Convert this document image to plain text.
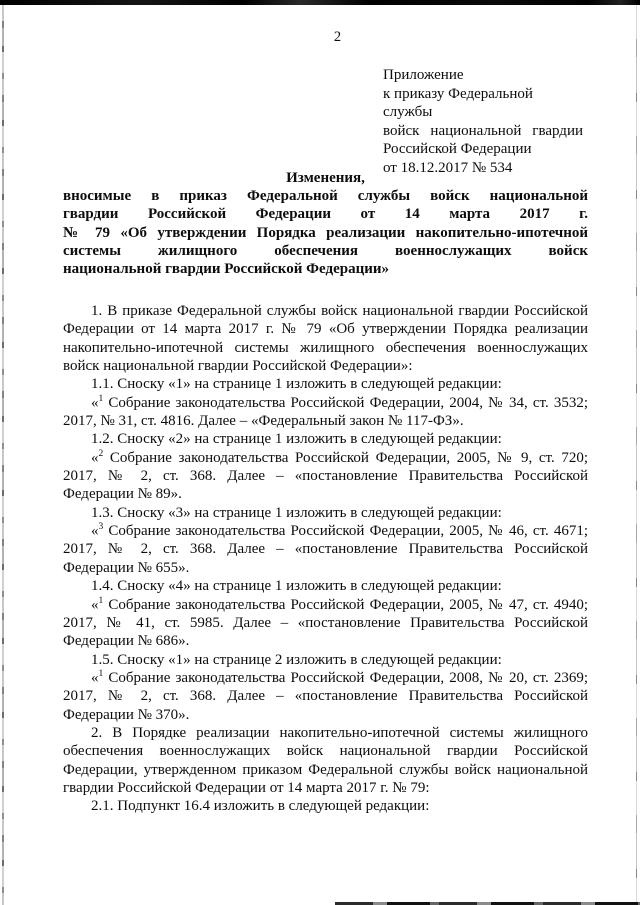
2
Приложение
к приказу Федеральной службы
войск национальной гвардии
Российской Федерации
от 18.12.2017 № 534
Изменения,
вносимые в приказ Федеральной службы войск национальной
гвардии Российской Федерации от 14 марта 2017 г.
№ 79 «Об утверждении Порядка реализации накопительно-ипотечной
системы жилищного обеспечения военнослужащих войск
национальной гвардии Российской Федерации»

1. В приказе Федеральной службы войск национальной гвардии Российской Федерации от 14 марта 2017 г. № 79 «Об утверждении Порядка реализации накопительно-ипотечной системы жилищного обеспечения военнослужащих войск национальной гвардии Российской Федерации»:

1.1. Сноску «1» на странице 1 изложить в следующей редакции:

«$^1$ Собрание законодательства Российской Федерации, 2004, № 34, ст. 3532; 2017, № 31, ст. 4816. Далее – «Федеральный закон № 117-ФЗ».

1.2. Сноску «2» на странице 1 изложить в следующей редакции:

«$^2$ Собрание законодательства Российской Федерации, 2005, № 9, ст. 720; 2017, № 2, ст. 368. Далее – «постановление Правительства Российской Федерации № 89».

1.3. Сноску «3» на странице 1 изложить в следующей редакции:

«$^3$ Собрание законодательства Российской Федерации, 2005, № 46, ст. 4671; 2017, № 2, ст. 368. Далее – «постановление Правительства Российской Федерации № 655».

1.4. Сноску «4» на странице 1 изложить в следующей редакции:

«$^1$ Собрание законодательства Российской Федерации, 2005, № 47, ст. 4940; 2017, № 41, ст. 5985. Далее – «постановление Правительства Российской Федерации № 686».

1.5. Сноску «1» на странице 2 изложить в следующей редакции:

«$^1$ Собрание законодательства Российской Федерации, 2008, № 20, ст. 2369; 2017, № 2, ст. 368. Далее – «постановление Правительства Российской Федерации № 370».

2. В Порядке реализации накопительно-ипотечной системы жилищного обеспечения военнослужащих войск национальной гвардии Российской Федерации, утвержденном приказом Федеральной службы войск национальной гвардии Российской Федерации от 14 марта 2017 г. № 79:

2.1. Подпункт 16.4 изложить в следующей редакции:
